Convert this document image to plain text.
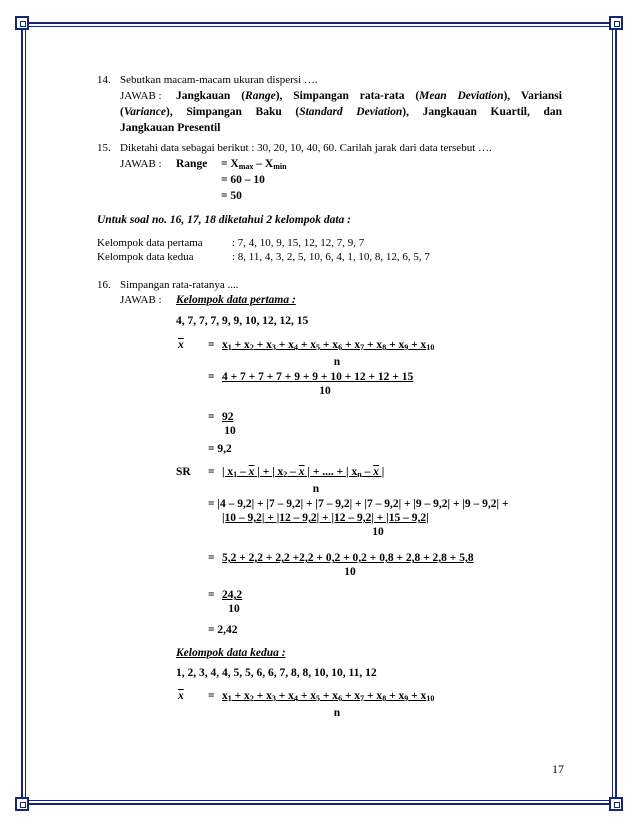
14. Sebutkan macam-macam ukuran dispersi ….
JAWAB : Jangkauan (Range), Simpangan rata-rata (Mean Deviation), Variansi
(Variance), Simpangan Baku (Standard Deviation), Jangkauan Kuartil, dan
Jangkauan Presentil
15. Diketahi data sebagai berikut : 30, 20, 10, 40, 60. Carilah jarak dari data tersebut ….
JAWAB : Range = $X_{max} - X_{min}$
= 60 – 10
= 50
Untuk soal no. 16, 17, 18 diketahui 2 kelompok data :
Kelompok data pertama	: 7, 4, 10, 9, 15, 12, 12, 7, 9, 7
Kelompok data kedua	: 8, 11, 4, 3, 2, 5, 10, 6, 4, 1, 10, 8, 12, 6, 5, 7
16. Simpangan rata-ratanya ....
JAWAB : Kelompok data pertama :
4, 7, 7, 7, 9, 9, 10, 12, 12, 15
$\overline{x} = \frac{x_1 + x_2 + x_3 + x_4 + x_5 + x_6 + x_7 + x_8 + x_9 + x_{10}}{n}$
= $\frac{4 + 7 + 7 + 7 + 9 + 9 + 10 + 12 + 12 + 15}{10}$
= $\frac{92}{10}$
= 9,2
SR = $\frac{| x_1 - x | + | x_2 - x | + .... + | x_n - x |}{n}$
= |4 – 9,2| + |7 – 9,2| + |7 – 9,2| + |7 – 9,2| + |9 – 9,2| + |9 – 9,2| +
|10 – 9,2| + |12 – 9,2| + |12 – 9,2| + |15 – 9,2|
10
= $\frac{5,2 + 2,2 + 2,2 +2,2 + 0,2 + 0,2 + 0,8 + 2,8 + 2,8 + 5,8}{10}$
= $\frac{24,2}{10}$
= 2,42
Kelompok data kedua :
1, 2, 3, 4, 4, 5, 5, 6, 6, 7, 8, 8, 10, 10, 11, 12
$\overline{x} = \frac{x_1 + x_2 + x_3 + x_4 + x_5 + x_6 + x_7 + x_8 + x_9 + x_{10}}{n}$
17
